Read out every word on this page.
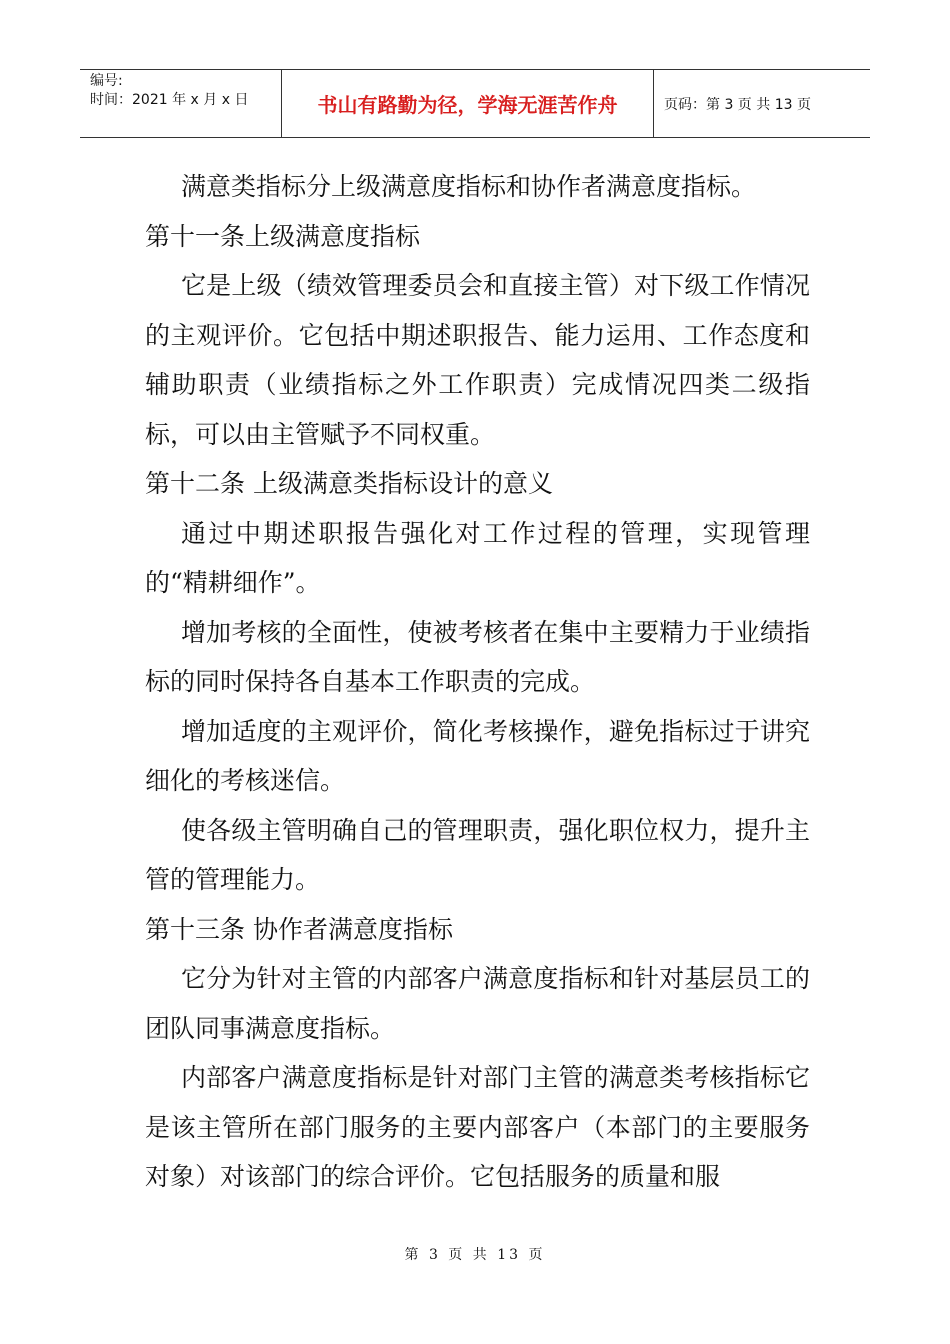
编号:
时间：2021 年 x 月 x 日	书山有路勤为径，学海无涯苦作舟	页码：第 3 页 共 13 页

满意类指标分上级满意度指标和协作者满意度指标。

第十一条上级满意度指标

它是上级（绩效管理委员会和直接主管）对下级工作情况的主观评价。它包括中期述职报告、能力运用、工作态度和辅助职责（业绩指标之外工作职责）完成情况四类二级指标，可以由主管赋予不同权重。

第十二条 上级满意类指标设计的意义

通过中期述职报告强化对工作过程的管理，实现管理的“精耕细作”。

增加考核的全面性，使被考核者在集中主要精力于业绩指标的同时保持各自基本工作职责的完成。

增加适度的主观评价，简化考核操作，避免指标过于讲究细化的考核迷信。

使各级主管明确自己的管理职责，强化职位权力，提升主管的管理能力。

第十三条 协作者满意度指标

它分为针对主管的内部客户满意度指标和针对基层员工的团队同事满意度指标。

内部客户满意度指标是针对部门主管的满意类考核指标它是该主管所在部门服务的主要内部客户（本部门的主要服务对象）对该部门的综合评价。它包括服务的质量和服

第 3 页 共 13 页
